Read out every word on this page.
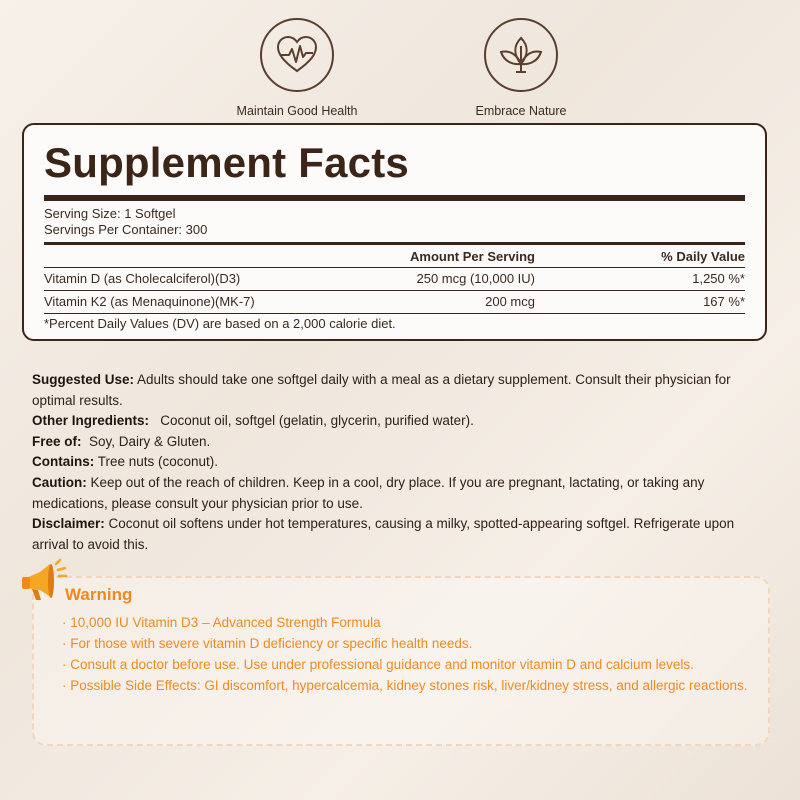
Maintain Good Health	Embrace Nature
Supplement Facts
Serving Size: 1 Softgel
Servings Per Container: 300
Amount Per Serving	% Daily Value
Vitamin D (as Cholecalciferol)(D3)	250 mcg (10,000 IU)	1,250 %*
Vitamin K2 (as Menaquinone)(MK-7)	200 mcg	167 %*
*Percent Daily Values (DV) are based on a 2,000 calorie diet.

Suggested Use: Adults should take one softgel daily with a meal as a dietary supplement. Consult their physician for optimal results.

Other Ingredients:   Coconut oil, softgel (gelatin, glycerin, purified water).

Free of:  Soy, Dairy & Gluten.

Contains: Tree nuts (coconut).

Caution: Keep out of the reach of children. Keep in a cool, dry place. If you are pregnant, lactating, or taking any medications, please consult your physician prior to use.

Disclaimer: Coconut oil softens under hot temperatures, causing a milky, spotted-appearing softgel. Refrigerate upon arrival to avoid this.

Warning

· 10,000 IU Vitamin D3 – Advanced Strength Formula

· For those with severe vitamin D deficiency or specific health needs.

· Consult a doctor before use. Use under professional guidance and monitor vitamin D and calcium levels.

· Possible Side Effects: GI discomfort, hypercalcemia, kidney stones risk, liver/kidney stress, and allergic reactions.
